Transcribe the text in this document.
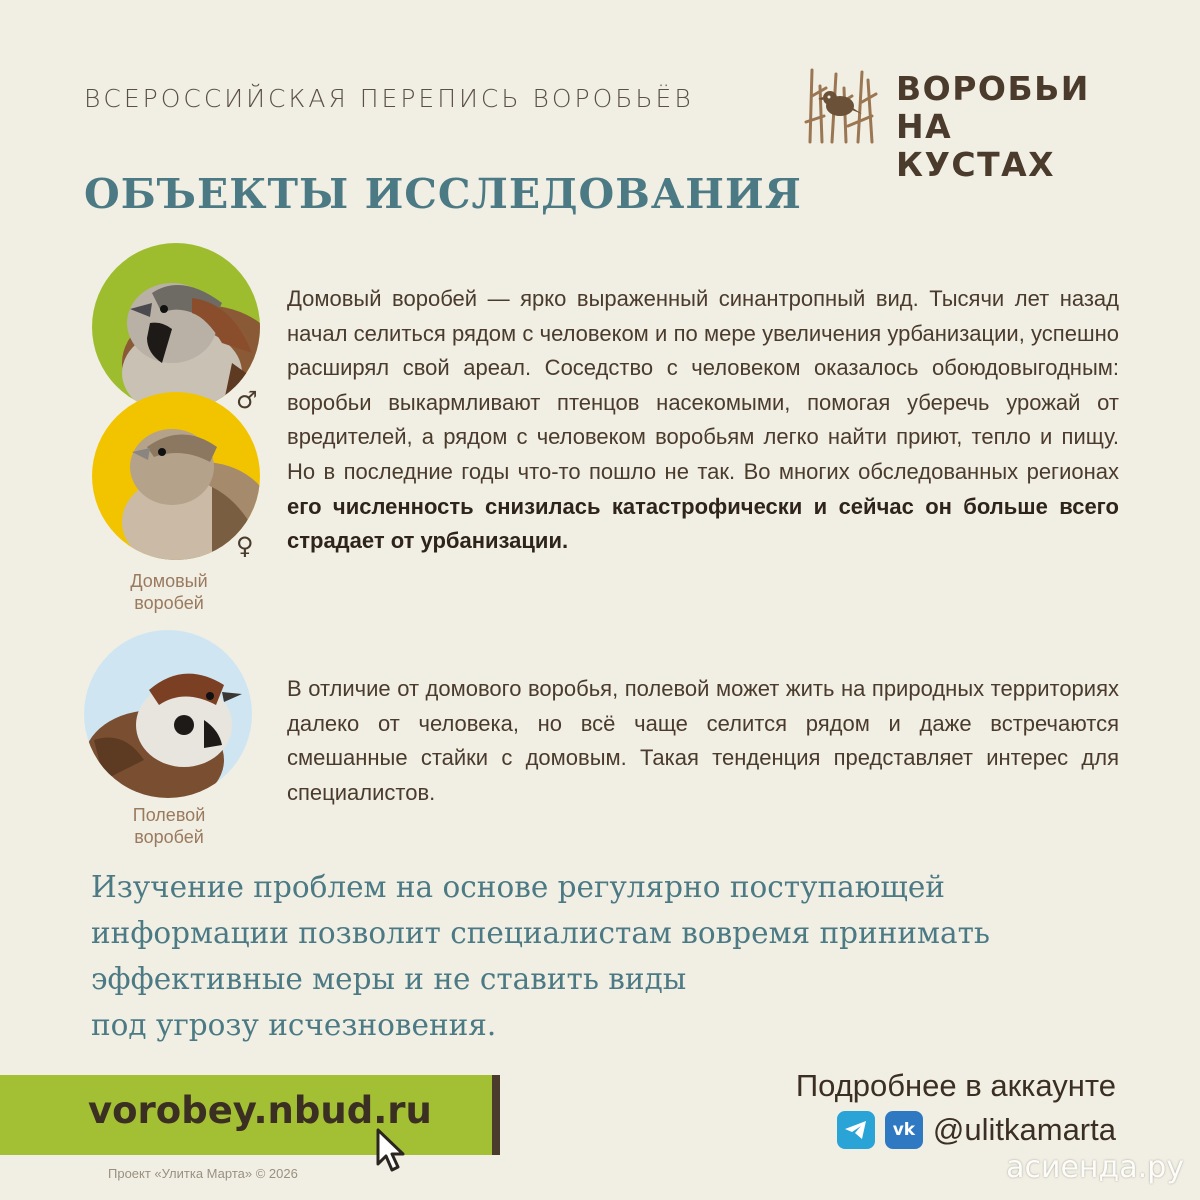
ВСЕРОССИЙСКАЯ ПЕРЕПИСЬ ВОРОБЬЁВ	ВОРОБЬИ
НА КУСТАХ
ОБЪЕКТЫ ИССЛЕДОВАНИЯ
♂
♀
Домовый
воробей
Домовый воробей — ярко выраженный синантропный вид. Тысячи лет назад начал селиться рядом с человеком и по мере увеличения урбанизации, успешно расширял свой ареал. Соседство с человеком оказалось обоюдовыгодным: воробьи выкармливают птенцов насекомыми, помогая уберечь урожай от вредителей, а рядом с человеком воробьям легко найти приют, тепло и пищу. Но в последние годы что-то пошло не так. Во многих обследованных регионах его численность снизилась катастрофически и сейчас он больше всего страдает от урбанизации.
Полевой
воробей
В отличие от домового воробья, полевой может жить на природных территориях далеко от человека, но всё чаще селится рядом и даже встречаются смешанные стайки с домовым. Такая тенденция представляет интерес для специалистов.
Изучение проблем на основе регулярно поступающей
информации позволит специалистам вовремя принимать
эффективные меры и не ставить виды
под угрозу исчезновения.
vorobey.nbud.ru
Проект «Улитка Марта» © 2026
Подробнее в аккаунте
vk @ulitkamarta
асиенда.ру
